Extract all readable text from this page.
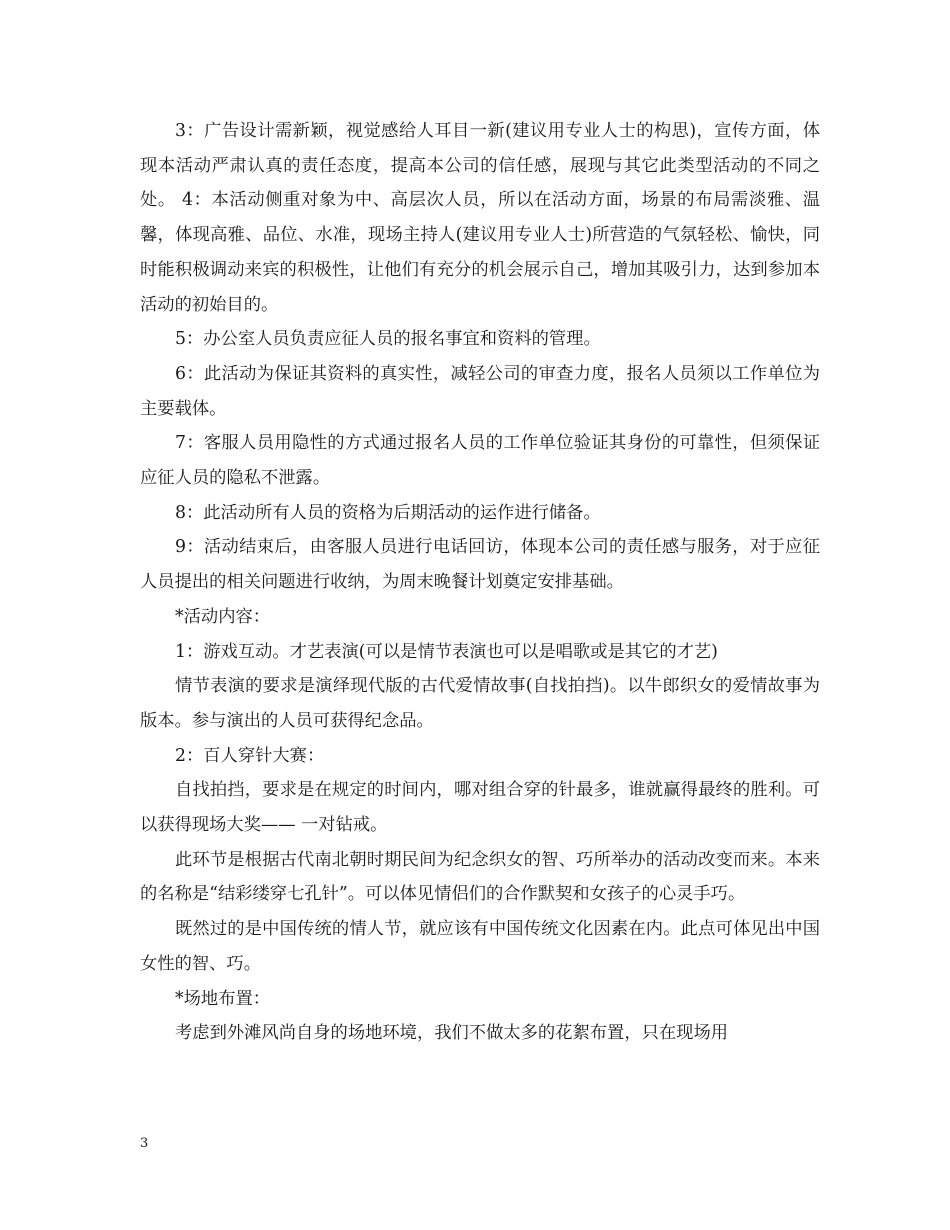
3：广告设计需新颖，视觉感给人耳目一新(建议用专业人士的构思)，宣传方面，体现本活动严肃认真的责任态度，提高本公司的信任感，展现与其它此类型活动的不同之处。 4：本活动侧重对象为中、高层次人员，所以在活动方面，场景的布局需淡雅、温馨，体现高雅、品位、水准，现场主持人(建议用专业人士)所营造的气氛轻松、愉快，同时能积极调动来宾的积极性，让他们有充分的机会展示自己，增加其吸引力，达到参加本活动的初始目的。

5：办公室人员负责应征人员的报名事宜和资料的管理。

6：此活动为保证其资料的真实性，减轻公司的审查力度，报名人员须以工作单位为主要载体。

7：客服人员用隐性的方式通过报名人员的工作单位验证其身份的可靠性，但须保证应征人员的隐私不泄露。

8：此活动所有人员的资格为后期活动的运作进行储备。

9：活动结束后，由客服人员进行电话回访，体现本公司的责任感与服务，对于应征人员提出的相关问题进行收纳，为周末晚餐计划奠定安排基础。

*活动内容：

1：游戏互动。才艺表演(可以是情节表演也可以是唱歌或是其它的才艺)

情节表演的要求是演绎现代版的古代爱情故事(自找拍挡)。以牛郎织女的爱情故事为版本。参与演出的人员可获得纪念品。

2：百人穿针大赛：

自找拍挡，要求是在规定的时间内，哪对组合穿的针最多，谁就赢得最终的胜利。可以获得现场大奖—— 一对钻戒。

此环节是根据古代南北朝时期民间为纪念织女的智、巧所举办的活动改变而来。本来的名称是“结彩缕穿七孔针”。可以体见情侣们的合作默契和女孩子的心灵手巧。

既然过的是中国传统的情人节，就应该有中国传统文化因素在内。此点可体见出中国女性的智、巧。

*场地布置：

考虑到外滩风尚自身的场地环境，我们不做太多的花絮布置，只在现场用

3
